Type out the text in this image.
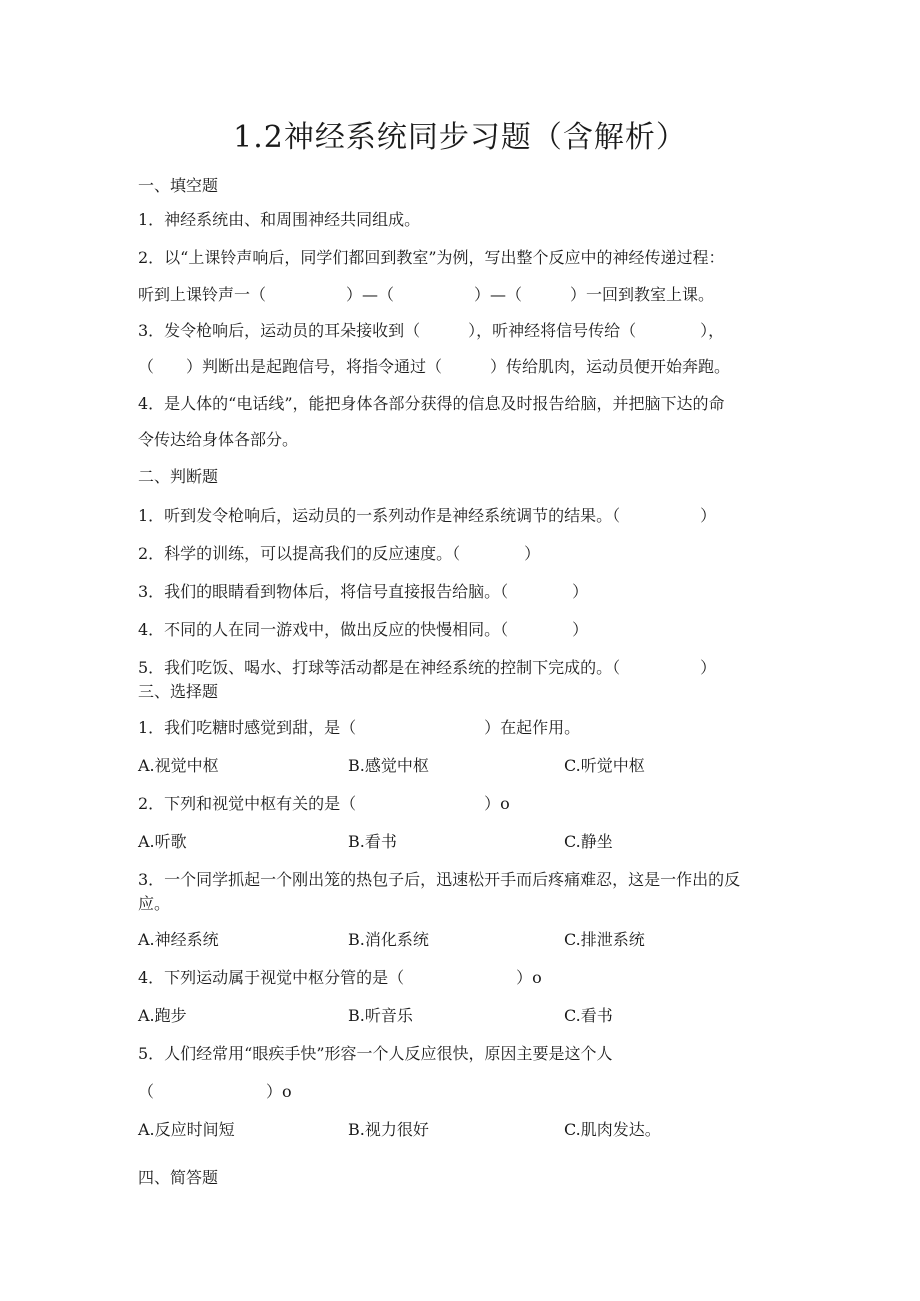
1.2神经系统同步习题（含解析）
一、填空题
1．神经系统由、和周围神经共同组成。
2．以“上课铃声响后，同学们都回到教室”为例，写出整个反应中的神经传递过程：
听到上课铃声一（　　　　　）—（　　　　　）—（　　　）一回到教室上课。
3．发令枪响后，运动员的耳朵接收到（　　　），听神经将信号传给（　　　　），
（　　）判断出是起跑信号，将指令通过（　　　）传给肌肉，运动员便开始奔跑。
4．是人体的“电话线”，能把身体各部分获得的信息及时报告给脑，并把脑下达的命
令传达给身体各部分。
二、判断题
1．听到发令枪响后，运动员的一系列动作是神经系统调节的结果。（　　　　　）
2．科学的训练，可以提高我们的反应速度。（　　　　）
3．我们的眼睛看到物体后，将信号直接报告给脑。（　　　　）
4．不同的人在同一游戏中，做出反应的快慢相同。（　　　　）
5．我们吃饭、喝水、打球等活动都是在神经系统的控制下完成的。（　　　　　）
三、选择题
1．我们吃糖时感觉到甜，是（　　　　　　　　）在起作用。
A.视觉中枢	B.感觉中枢	C.听觉中枢
2．下列和视觉中枢有关的是（　　　　　　　　）o
A.听歌	B.看书	C.静坐
3．一个同学抓起一个刚出笼的热包子后，迅速松开手而后疼痛难忍，这是一作出的反
应。
A.神经系统	B.消化系统	C.排泄系统
4．下列运动属于视觉中枢分管的是（　　　　　　　）o
A.跑步	B.听音乐	C.看书
5．人们经常用“眼疾手快”形容一个人反应很快，原因主要是这个人
（　　　　　　　）o
A.反应时间短	B.视力很好	C.肌肉发达。
四、简答题
